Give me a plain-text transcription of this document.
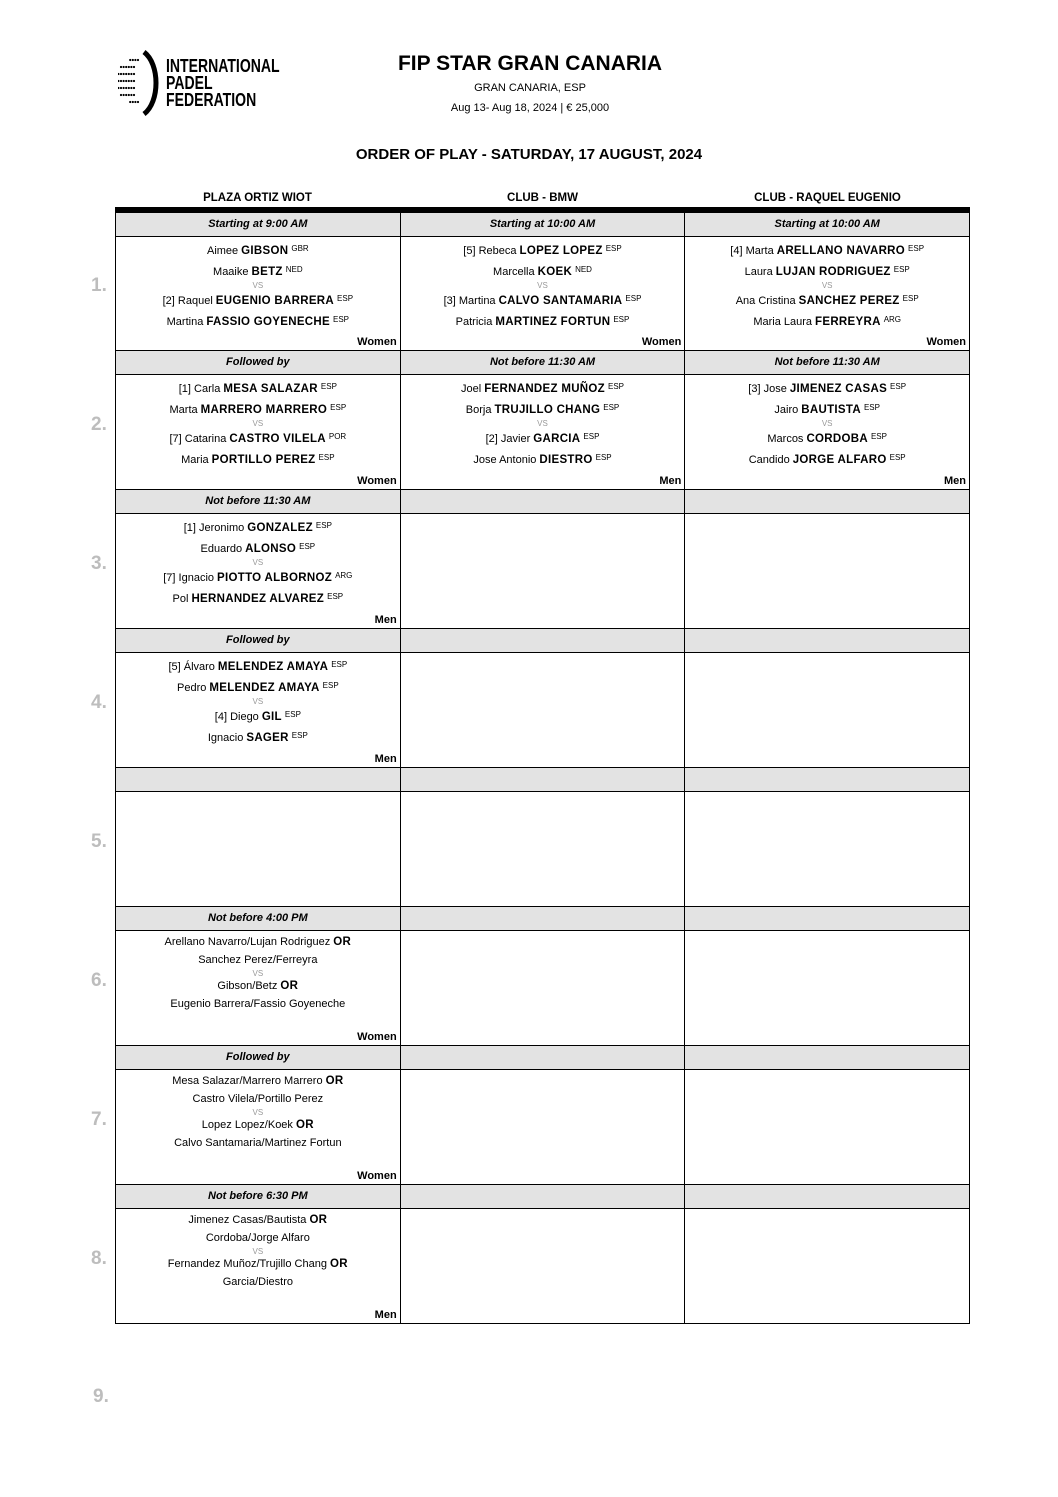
INTERNATIONAL
PADEL
FEDERATION
FIP STAR GRAN CANARIA
GRAN CANARIA, ESP
Aug 13- Aug 18, 2024 | € 25,000
ORDER OF PLAY - SATURDAY, 17 AUGUST, 2024
PLAZA ORTIZ WIOT	CLUB - BMW	CLUB - RAQUEL EUGENIO
1.
Starting at 9:00 AM
Aimee GIBSON $^{GBR}$
Maaike BETZ $^{NED}$
VS
[2] Raquel EUGENIO BARRERA $^{ESP}$
Martina FASSIO GOYENECHE $^{ESP}$
Women
Starting at 10:00 AM
[5] Rebeca LOPEZ LOPEZ $^{ESP}$
Marcella KOEK $^{NED}$
VS
[3] Martina CALVO SANTAMARIA $^{ESP}$
Patricia MARTINEZ FORTUN $^{ESP}$
Women
Starting at 10:00 AM
[4] Marta ARELLANO NAVARRO $^{ESP}$
Laura LUJAN RODRIGUEZ $^{ESP}$
VS
Ana Cristina SANCHEZ PEREZ $^{ESP}$
Maria Laura FERREYRA $^{ARG}$
Women
2.
Followed by
[1] Carla MESA SALAZAR $^{ESP}$
Marta MARRERO MARRERO $^{ESP}$
VS
[7] Catarina CASTRO VILELA $^{POR}$
Maria PORTILLO PEREZ $^{ESP}$
Women
Not before 11:30 AM
Joel FERNANDEZ MUÑOZ $^{ESP}$
Borja TRUJILLO CHANG $^{ESP}$
VS
[2] Javier GARCIA $^{ESP}$
Jose Antonio DIESTRO $^{ESP}$
Men
Not before 11:30 AM
[3] Jose JIMENEZ CASAS $^{ESP}$
Jairo BAUTISTA $^{ESP}$
VS
Marcos CORDOBA $^{ESP}$
Candido JORGE ALFARO $^{ESP}$
Men
3.
Not before 11:30 AM
[1] Jeronimo GONZALEZ $^{ESP}$
Eduardo ALONSO $^{ESP}$
VS
[7] Ignacio PIOTTO ALBORNOZ $^{ARG}$
Pol HERNANDEZ ALVAREZ $^{ESP}$
Men
4.
Followed by
[5] Álvaro MELENDEZ AMAYA $^{ESP}$
Pedro MELENDEZ AMAYA $^{ESP}$
VS
[4] Diego GIL $^{ESP}$
Ignacio SAGER $^{ESP}$
Men
5.
6.
Not before 4:00 PM
Arellano Navarro/Lujan Rodriguez OR
Sanchez Perez/Ferreyra
VS
Gibson/Betz OR
Eugenio Barrera/Fassio Goyeneche
Women
7.
Followed by
Mesa Salazar/Marrero Marrero OR
Castro Vilela/Portillo Perez
VS
Lopez Lopez/Koek OR
Calvo Santamaria/Martinez Fortun
Women
8.
Not before 6:30 PM
Jimenez Casas/Bautista OR
Cordoba/Jorge Alfaro
VS
Fernandez Muñoz/Trujillo Chang OR
Garcia/Diestro
Men
9.
